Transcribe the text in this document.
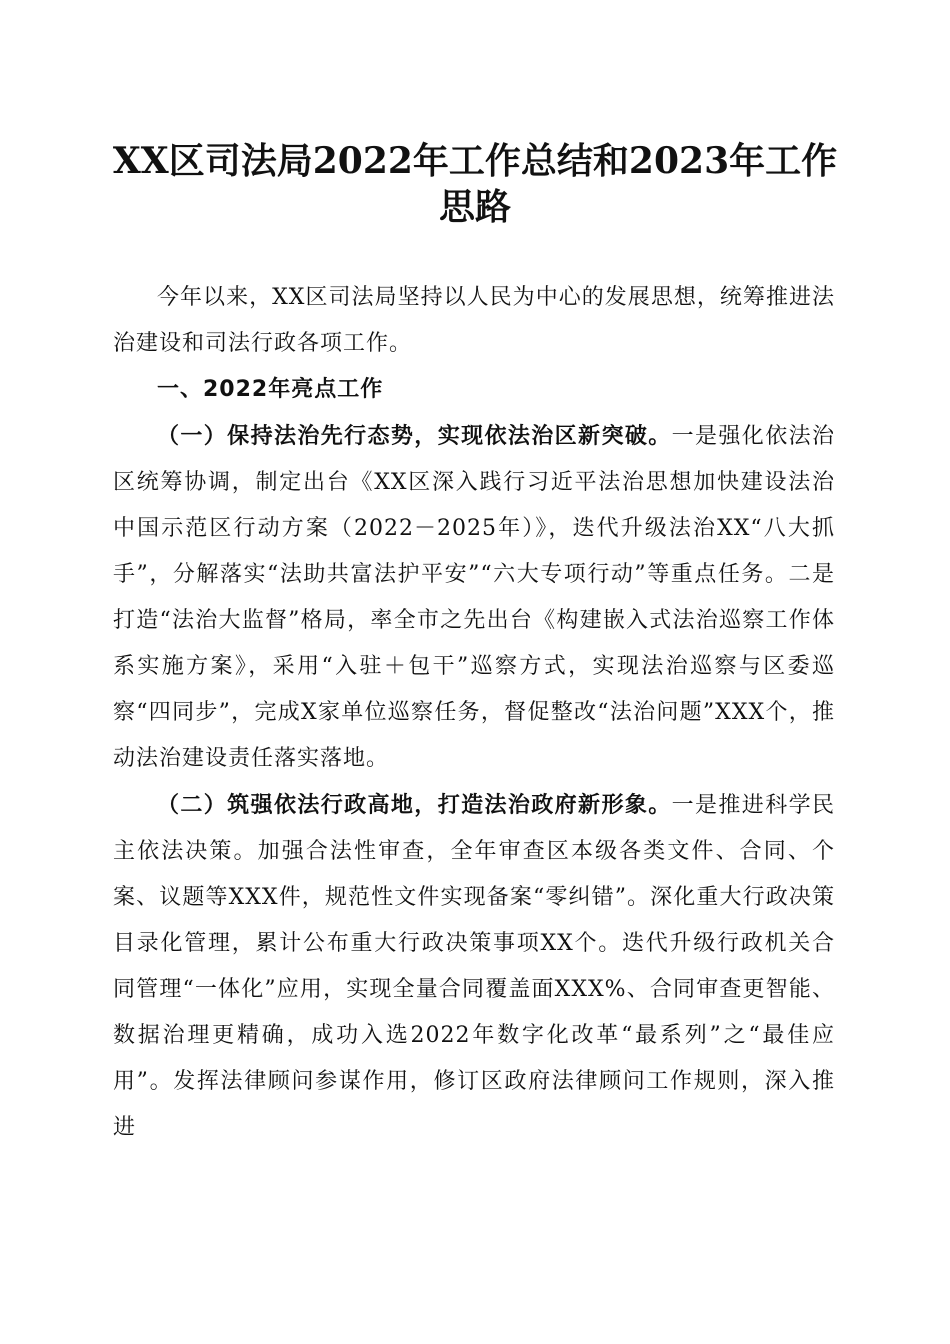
XX区司法局2022年工作总结和2023年工作思路

今年以来，XX区司法局坚持以人民为中心的发展思想，统筹推进法治建设和司法行政各项工作。

一、2022年亮点工作

（一）保持法治先行态势，实现依法治区新突破。一是强化依法治区统筹协调，制定出台《XX区深入践行习近平法治思想加快建设法治中国示范区行动方案（2022－2025年）》，迭代升级法治XX“八大抓手”，分解落实“法助共富法护平安”“六大专项行动”等重点任务。二是打造“法治大监督”格局，率全市之先出台《构建嵌入式法治巡察工作体系实施方案》，采用“入驻＋包干”巡察方式，实现法治巡察与区委巡察“四同步”，完成X家单位巡察任务，督促整改“法治问题”XXX个，推动法治建设责任落实落地。

（二）筑强依法行政高地，打造法治政府新形象。一是推进科学民主依法决策。加强合法性审查，全年审查区本级各类文件、合同、个案、议题等XXX件，规范性文件实现备案“零纠错”。深化重大行政决策目录化管理，累计公布重大行政决策事项XX个。迭代升级行政机关合同管理“一体化”应用，实现全量合同覆盖面XXX%、合同审查更智能、数据治理更精确，成功入选2022年数字化改革“最系列”之“最佳应用”。发挥法律顾问参谋作用，修订区政府法律顾问工作规则，深入推进
